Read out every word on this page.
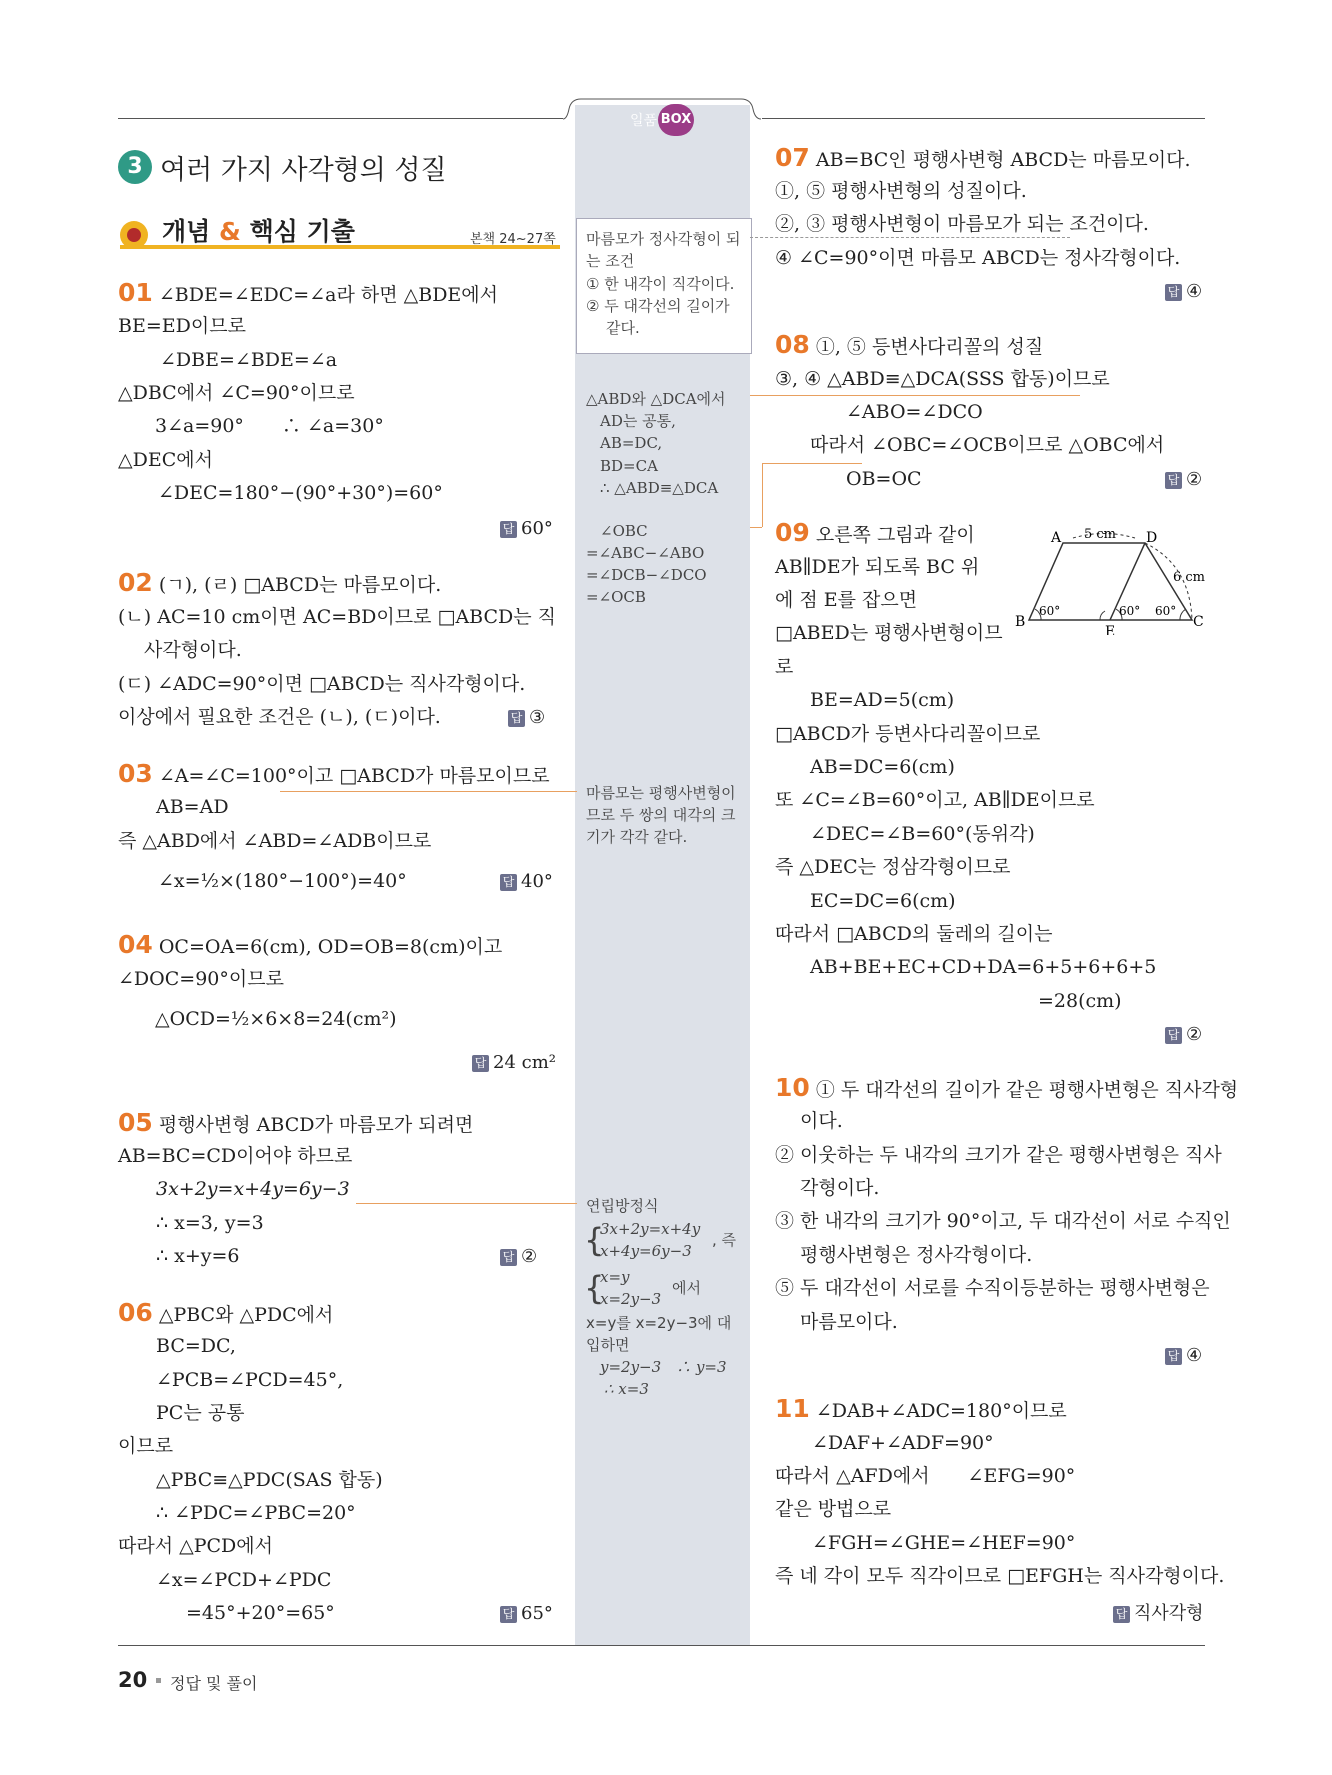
일품 BOX
3 여러 가지 사각형의 성질
개념 & 핵심 기출	본책 24~27쪽
01 ∠BDE=∠EDC=∠a라 하면 △BDE에서
BE=ED이므로
∠DBE=∠BDE=∠a
△DBC에서 ∠C=90°이므로
3∠a=90°　　∴ ∠a=30°
△DEC에서
∠DEC=180°−(90°+30°)=60°
답 60°
02 (ㄱ), (ㄹ) □ABCD는 마름모이다.
(ㄴ) AC=10 cm이면 AC=BD이므로 □ABCD는 직
사각형이다.
(ㄷ) ∠ADC=90°이면 □ABCD는 직사각형이다.
이상에서 필요한 조건은 (ㄴ), (ㄷ)이다.	답 ③
03 ∠A=∠C=100°이고 □ABCD가 마름모이므로
AB=AD
즉 △ABD에서 ∠ABD=∠ADB이므로
∠x=½×(180°−100°)=40°	답 40°
04 OC=OA=6(cm), OD=OB=8(cm)이고
∠DOC=90°이므로
△OCD=½×6×8=24(cm²)
답 24 cm²
05 평행사변형 ABCD가 마름모가 되려면
AB=BC=CD이어야 하므로
3x+2y=x+4y=6y−3
∴ x=3, y=3
∴ x+y=6	답 ②
06 △PBC와 △PDC에서
BC=DC,
∠PCB=∠PCD=45°,
PC는 공통
이므로
△PBC≡△PDC(SAS 합동)
∴ ∠PDC=∠PBC=20°
따라서 △PCD에서
∠x=∠PCD+∠PDC
=45°+20°=65°	답 65°
마름모가 정사각형이 되
는 조건
① 한 내각이 직각이다.
② 두 대각선의 길이가
같다.
△ABD와 △DCA에서
AD는 공통,
AB=DC,
BD=CA
∴ △ABD≡△DCA
∠OBC
=∠ABC−∠ABO
=∠DCB−∠DCO
=∠OCB
마름모는 평행사변형이
므로 두 쌍의 대각의 크
기가 각각 같다.
연립방정식
{
3x+2y=x+4y
x+4y=6y−3
, 즉
{
x=y
x=2y−3
에서
x=y를 x=2y−3에 대
입하면
y=2y−3　∴ y=3
∴ x=3
07 AB=BC인 평행사변형 ABCD는 마름모이다.
①, ⑤ 평행사변형의 성질이다.
②, ③ 평행사변형이 마름모가 되는 조건이다.
④ ∠C=90°이면 마름모 ABCD는 정사각형이다.
답 ④
08 ①, ⑤ 등변사다리꼴의 성질
③, ④ △ABD≡△DCA(SSS 합동)이므로
∠ABO=∠DCO
따라서 ∠OBC=∠OCB이므로 △OBC에서
OB=OC	답 ②
09 오른쪽 그림과 같이
AB∥DE가 되도록 BC 위
에 점 E를 잡으면
□ABED는 평행사변형이므
로
BE=AD=5(cm)
□ABCD가 등변사다리꼴이므로
AB=DC=6(cm)
또 ∠C=∠B=60°이고, AB∥DE이므로
∠DEC=∠B=60°(동위각)
즉 △DEC는 정삼각형이므로
EC=DC=6(cm)
따라서 □ABCD의 둘레의 길이는
AB+BE+EC+CD+DA=6+5+6+6+5
=28(cm)
답 ②
A	D
B	C
E
5 cm
6 cm
60°	60° 60°
10 ① 두 대각선의 길이가 같은 평행사변형은 직사각형
이다.
② 이웃하는 두 내각의 크기가 같은 평행사변형은 직사
각형이다.
③ 한 내각의 크기가 90°이고, 두 대각선이 서로 수직인
평행사변형은 정사각형이다.
⑤ 두 대각선이 서로를 수직이등분하는 평행사변형은
마름모이다.
답 ④
11 ∠DAB+∠ADC=180°이므로
∠DAF+∠ADF=90°
따라서 △AFD에서　　∠EFG=90°
같은 방법으로
∠FGH=∠GHE=∠HEF=90°
즉 네 각이 모두 직각이므로 □EFGH는 직사각형이다.
답 직사각형
20 정답 및 풀이
